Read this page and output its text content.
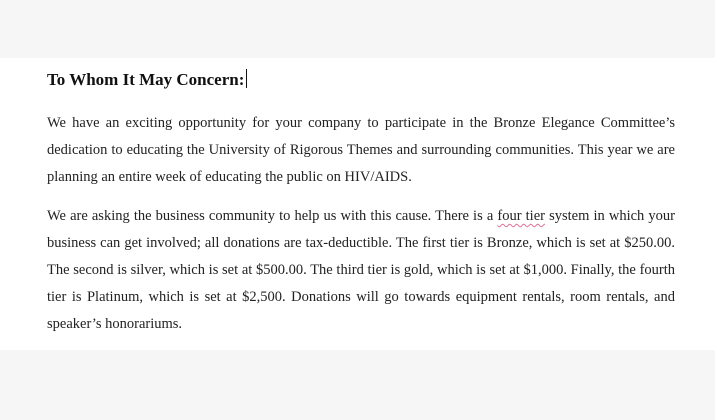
To Whom It May Concern:

We have an exciting opportunity for your company to participate in the Bronze Elegance Committee’s dedication to educating the University of Rigorous Themes and surrounding communities. This year we are planning an entire week of educating the public on HIV/AIDS.

We are asking the business community to help us with this cause. There is a four tier system in which your business can get involved; all donations are tax-deductible. The first tier is Bronze, which is set at $250.00. The second is silver, which is set at $500.00. The third tier is gold, which is set at $1,000. Finally, the fourth tier is Platinum, which is set at $2,500. Donations will go towards equipment rentals, room rentals, and speaker’s honorariums.
